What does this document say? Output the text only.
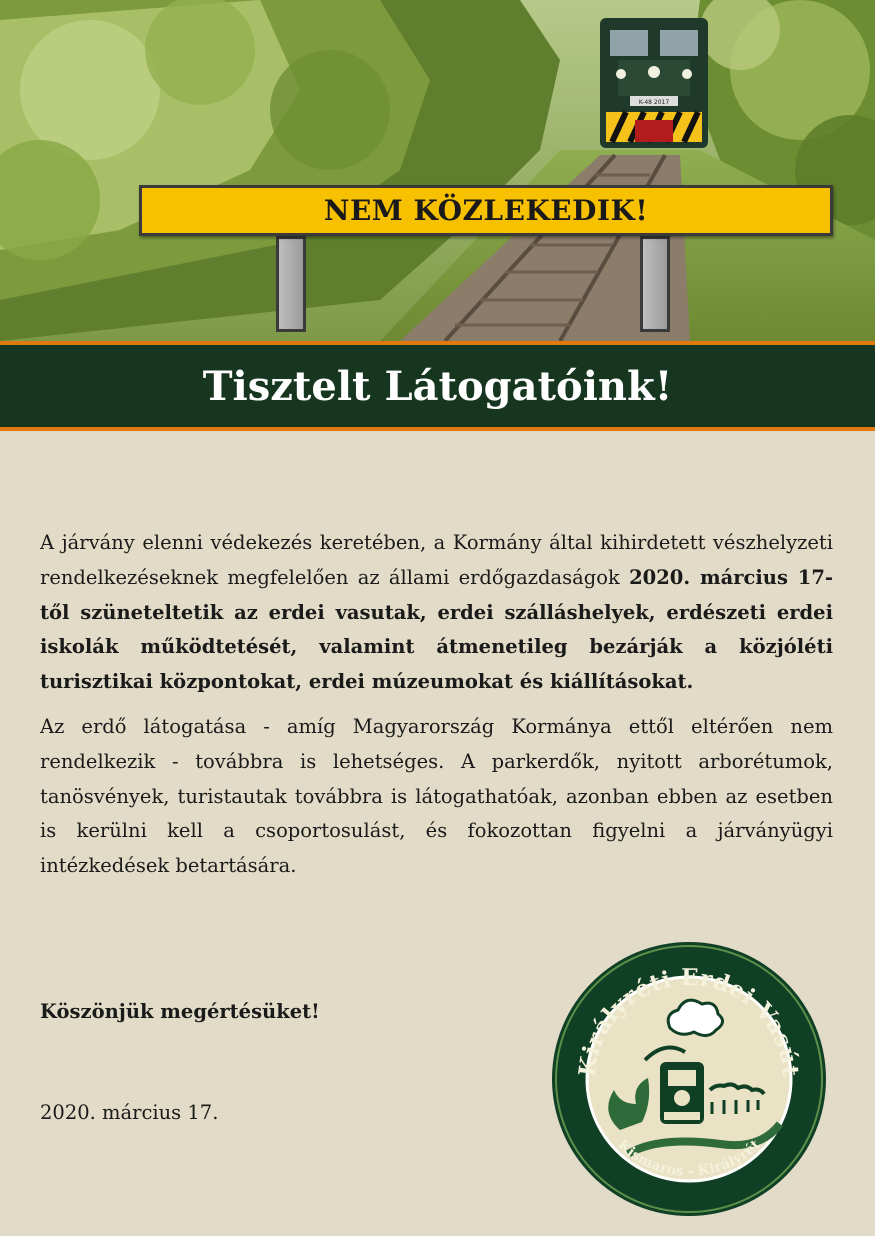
K-48 2017
NEM KÖZLEKEDIK!
Tisztelt Látogatóink!

A járvány elenni védekezés keretében, a Kormány által kihirdetett vészhelyzeti rendelkezéseknek megfelelően az állami erdőgazdaságok 2020. március 17-től szüneteltetik az erdei vasutak, erdei szálláshelyek, erdészeti erdei iskolák működtetését, valamint átmenetileg bezárják a közjóléti turisztikai központokat, erdei múzeumokat és kiállításokat.

Az erdő látogatása - amíg Magyarország Kormánya ettől eltérően nem rendelkezik - továbbra is lehetséges. A parkerdők, nyitott arborétumok, tanösvények, turistautak továbbra is látogathatóak, azonban ebben az esetben is kerülni kell a csoportosulást, és fokozottan figyelni a járványügyi intézkedések betartására.

Köszönjük megértésüket!
2020. március 17.
Királyréti Erdei Vasút
Kismaros - Királyrét
